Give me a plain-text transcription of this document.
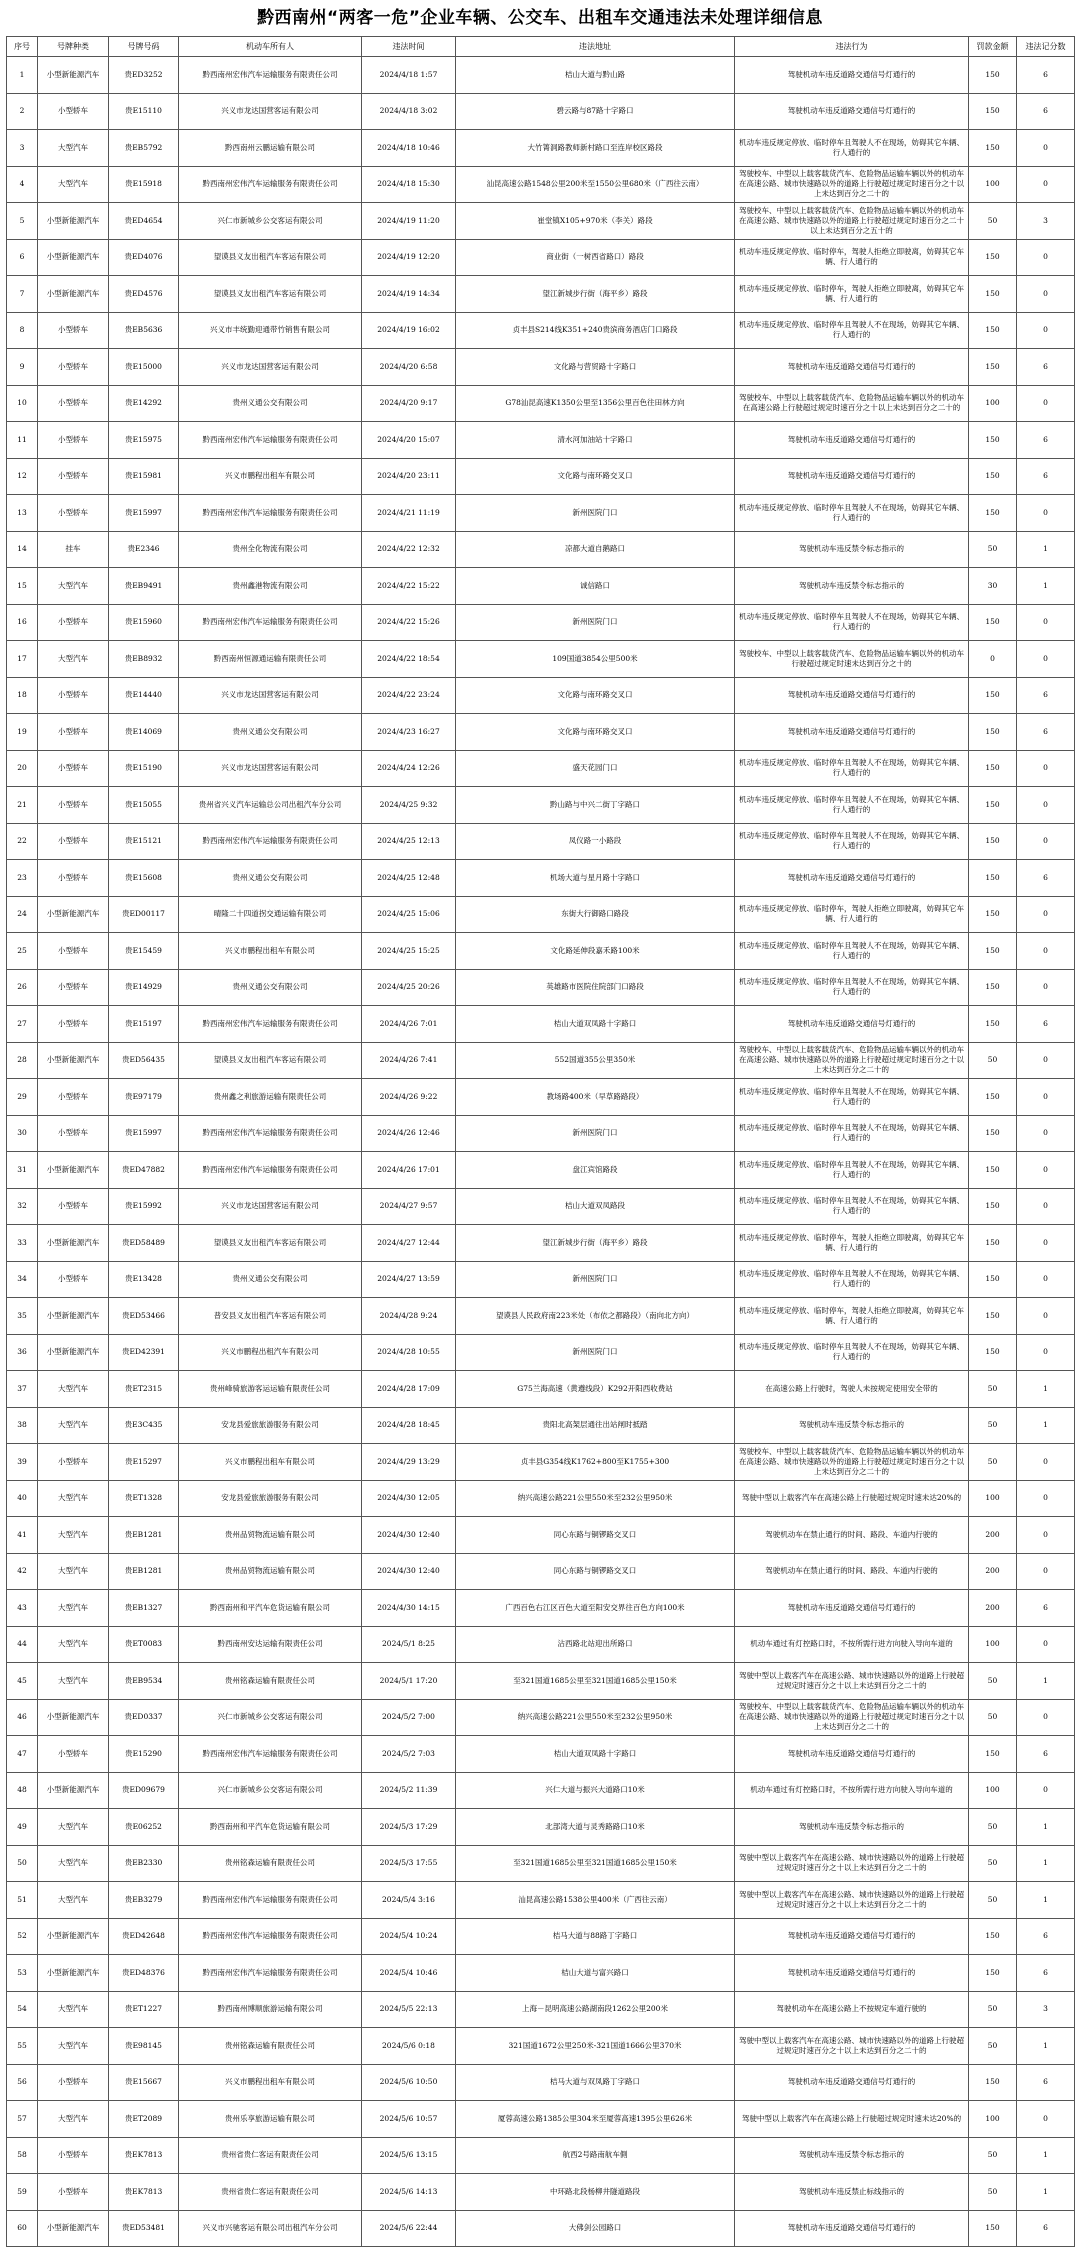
黔西南州“两客一危”企业车辆、公交车、出租车交通违法未处理详细信息
序号	号牌种类	号牌号码	机动车所有人	违法时间	违法地址	违法行为	罚款金额	违法记分数
1	小型新能源汽车	贵ED3252	黔西南州宏伟汽车运输服务有限责任公司	2024/4/18 1:57	桔山大道与黔山路	驾驶机动车违反道路交通信号灯通行的	150	6
2	小型轿车	贵E15110	兴义市龙达国营客运有限公司	2024/4/18 3:02	碧云路与87路十字路口	驾驶机动车违反道路交通信号灯通行的	150	6
3	大型汽车	贵EB5792	黔西南州云鹏运输有限公司	2024/4/18 10:46	大竹箐洞路教师新村路口至连岸校区路段	机动车违反规定停放、临时停车且驾驶人不在现场，妨碍其它车辆、行人通行的	150	0
4	大型汽车	贵E15918	黔西南州宏伟汽车运输服务有限责任公司	2024/4/18 15:30	汕昆高速公路1548公里200米至1550公里680米（广西往云南）	驾驶校车、中型以上载客载货汽车、危险物品运输车辆以外的机动车在高速公路、城市快速路以外的道路上行驶超过规定时速百分之十以上未达到百分之二十的	100	0
5	小型新能源汽车	贵ED4654	兴仁市新城乡公交客运有限公司	2024/4/19 11:20	崔堂镇X105+970米（李关）路段	驾驶校车、中型以上载客载货汽车、危险物品运输车辆以外的机动车在高速公路、城市快速路以外的道路上行驶超过规定时速百分之二十以上未达到百分之五十的	50	3
6	小型新能源汽车	贵ED4076	望谟县义友出租汽车客运有限公司	2024/4/19 12:20	商业街（一树西省路口）路段	机动车违反规定停放、临时停车，驾驶人拒绝立即驶离，妨碍其它车辆、行人通行的	150	0
7	小型新能源汽车	贵ED4576	望谟县义友出租汽车客运有限公司	2024/4/19 14:34	望江新城步行街（海平乡）路段	机动车违反规定停放、临时停车，驾驶人拒绝立即驶离，妨碍其它车辆、行人通行的	150	0
8	小型轿车	贵EB5636	兴义市丰统勤迎通带竹销售有限公司	2024/4/19 16:02	贞丰县S214线K351+240贵滨商务酒店门口路段	机动车违反规定停放、临时停车且驾驶人不在现场，妨碍其它车辆、行人通行的	150	0
9	小型轿车	贵E15000	兴义市龙达国营客运有限公司	2024/4/20 6:58	文化路与营贸路十字路口	驾驶机动车违反道路交通信号灯通行的	150	6
10	小型轿车	贵E14292	贵州义通公交有限公司	2024/4/20 9:17	G78汕昆高速K1350公里至1356公里百色往田林方向	驾驶校车、中型以上载客载货汽车、危险物品运输车辆以外的机动车在高速公路上行驶超过规定时速百分之十以上未达到百分之二十的	100	0
11	小型轿车	贵E15975	黔西南州宏伟汽车运输服务有限责任公司	2024/4/20 15:07	清水河加油站十字路口	驾驶机动车违反道路交通信号灯通行的	150	6
12	小型轿车	贵E15981	兴义市鹏程出租车有限公司	2024/4/20 23:11	文化路与南环路交叉口	驾驶机动车违反道路交通信号灯通行的	150	6
13	小型轿车	贵E15997	黔西南州宏伟汽车运输服务有限责任公司	2024/4/21 11:19	新州医院门口	机动车违反规定停放、临时停车且驾驶人不在现场，妨碍其它车辆、行人通行的	150	0
14	挂车	贵E2346	贵州全化物流有限公司	2024/4/22 12:32	凉都大道自鹅路口	驾驶机动车违反禁令标志指示的	50	1
15	大型汽车	贵EB9491	贵州鑫港物流有限公司	2024/4/22 15:22	诚信路口	驾驶机动车违反禁令标志指示的	30	1
16	小型轿车	贵E15960	黔西南州宏伟汽车运输服务有限责任公司	2024/4/22 15:26	新州医院门口	机动车违反规定停放、临时停车且驾驶人不在现场，妨碍其它车辆、行人通行的	150	0
17	大型汽车	贵EB8932	黔西南州恒源通运输有限责任公司	2024/4/22 18:54	109国道3854公里500米	驾驶校车、中型以上载客载货汽车、危险物品运输车辆以外的机动车行驶超过规定时速未达到百分之十的	0	0
18	小型轿车	贵E14440	兴义市龙达国营客运有限公司	2024/4/22 23:24	文化路与南环路交叉口	驾驶机动车违反道路交通信号灯通行的	150	6
19	小型轿车	贵E14069	贵州义通公交有限公司	2024/4/23 16:27	文化路与南环路交叉口	驾驶机动车违反道路交通信号灯通行的	150	6
20	小型轿车	贵E15190	兴义市龙达国营客运有限公司	2024/4/24 12:26	盛天花园门口	机动车违反规定停放、临时停车且驾驶人不在现场，妨碍其它车辆、行人通行的	150	0
21	小型轿车	贵E15055	贵州省兴义汽车运输总公司出租汽车分公司	2024/4/25 9:32	黔山路与中兴二街丁字路口	机动车违反规定停放、临时停车且驾驶人不在现场，妨碍其它车辆、行人通行的	150	0
22	小型轿车	贵E15121	黔西南州宏伟汽车运输服务有限责任公司	2024/4/25 12:13	凤仪路一小路段	机动车违反规定停放、临时停车且驾驶人不在现场，妨碍其它车辆、行人通行的	150	0
23	小型轿车	贵E15608	贵州义通公交有限公司	2024/4/25 12:48	机场大道与星月路十字路口	驾驶机动车违反道路交通信号灯通行的	150	6
24	小型新能源汽车	贵ED00117	晴隆二十四道拐交通运输有限公司	2024/4/25 15:06	东街大行御路口路段	机动车违反规定停放、临时停车，驾驶人拒绝立即驶离，妨碍其它车辆、行人通行的	150	0
25	小型轿车	贵E15459	兴义市鹏程出租车有限公司	2024/4/25 15:25	文化路延伸段嘉禾路100米	机动车违反规定停放、临时停车且驾驶人不在现场，妨碍其它车辆、行人通行的	150	0
26	小型轿车	贵E14929	贵州义通公交有限公司	2024/4/25 20:26	英雄路市医院住院部门口路段	机动车违反规定停放、临时停车且驾驶人不在现场，妨碍其它车辆、行人通行的	150	0
27	小型轿车	贵E15197	黔西南州宏伟汽车运输服务有限责任公司	2024/4/26 7:01	桔山大道双凤路十字路口	驾驶机动车违反道路交通信号灯通行的	150	6
28	小型新能源汽车	贵ED56435	望谟县义友出租汽车客运有限公司	2024/4/26 7:41	552国道355公里350米	驾驶校车、中型以上载客载货汽车、危险物品运输车辆以外的机动车在高速公路、城市快速路以外的道路上行驶超过规定时速百分之十以上未达到百分之二十的	50	0
29	小型轿车	贵E97179	贵州鑫之利旅游运输有限责任公司	2024/4/26 9:22	教场路400米（早草路路段）	机动车违反规定停放、临时停车且驾驶人不在现场，妨碍其它车辆、行人通行的	150	0
30	小型轿车	贵E15997	黔西南州宏伟汽车运输服务有限责任公司	2024/4/26 12:46	新州医院门口	机动车违反规定停放、临时停车且驾驶人不在现场，妨碍其它车辆、行人通行的	150	0
31	小型新能源汽车	贵ED47882	黔西南州宏伟汽车运输服务有限责任公司	2024/4/26 17:01	盘江宾馆路段	机动车违反规定停放、临时停车且驾驶人不在现场，妨碍其它车辆、行人通行的	150	0
32	小型轿车	贵E15992	兴义市龙达国营客运有限公司	2024/4/27 9:57	桔山大道双凤路段	机动车违反规定停放、临时停车且驾驶人不在现场，妨碍其它车辆、行人通行的	150	0
33	小型新能源汽车	贵ED58489	望谟县义友出租汽车客运有限公司	2024/4/27 12:44	望江新城步行街（海平乡）路段	机动车违反规定停放、临时停车，驾驶人拒绝立即驶离，妨碍其它车辆、行人通行的	150	0
34	小型轿车	贵E13428	贵州义通公交有限公司	2024/4/27 13:59	新州医院门口	机动车违反规定停放、临时停车且驾驶人不在现场，妨碍其它车辆、行人通行的	150	0
35	小型新能源汽车	贵ED53466	普安县义友出租汽车客运有限公司	2024/4/28 9:24	望谟县人民政府南223米处（布依之都路段）（南向北方向）	机动车违反规定停放、临时停车，驾驶人拒绝立即驶离，妨碍其它车辆、行人通行的	150	0
36	小型新能源汽车	贵ED42391	兴义市鹏程出租汽车有限公司	2024/4/28 10:55	新州医院门口	机动车违反规定停放、临时停车且驾驶人不在现场，妨碍其它车辆、行人通行的	150	0
37	大型汽车	贵ET2315	贵州峰骑旅游客运运输有限责任公司	2024/4/28 17:09	G75兰海高速（黄遵线段）K292开阳西收费站	在高速公路上行驶时，驾驶人未按规定使用安全带的	50	1
38	大型汽车	贵E3C435	安龙县爱旅旅游服务有限公司	2024/4/28 18:45	贵阳北高架层通往出站闸时抵踏	驾驶机动车违反禁令标志指示的	50	1
39	小型轿车	贵E15297	兴义市鹏程出租车有限公司	2024/4/29 13:29	贞丰县G354线K1762+800至K1755+300	驾驶校车、中型以上载客载货汽车、危险物品运输车辆以外的机动车在高速公路、城市快速路以外的道路上行驶超过规定时速百分之十以上未达到百分之二十的	50	0
40	大型汽车	贵ET1328	安龙县爱旅旅游服务有限公司	2024/4/30 12:05	纳兴高速公路221公里550米至232公里950米	驾驶中型以上载客汽车在高速公路上行驶超过规定时速未达20%的	100	0
41	大型汽车	贵EB1281	贵州品贸物流运输有限公司	2024/4/30 12:40	同心东路与铜锣路交叉口	驾驶机动车在禁止通行的时间、路段、车道内行驶的	200	0
42	大型汽车	贵EB1281	贵州品贸物流运输有限公司	2024/4/30 12:40	同心东路与铜锣路交叉口	驾驶机动车在禁止通行的时间、路段、车道内行驶的	200	0
43	大型汽车	贵EB1327	黔西南州和平汽车危货运输有限公司	2024/4/30 14:15	广西百色右江区百色大道至阳安交界往百色方向100米	驾驶机动车违反道路交通信号灯通行的	200	6
44	大型汽车	贵ET0083	黔西南州安达运输有限责任公司	2024/5/1 8:25	沾西路北站迎出所路口	机动车通过有灯控路口时，不按所需行进方向驶入导向车道的	100	0
45	大型汽车	贵EB9534	贵州铭森运输有限责任公司	2024/5/1 17:20	至321国道1685公里至321国道1685公里150米	驾驶中型以上载客汽车在高速公路、城市快速路以外的道路上行驶超过规定时速百分之十以上未达到百分之二十的	50	1
46	小型新能源汽车	贵ED0337	兴仁市新城乡公交客运有限公司	2024/5/2 7:00	纳兴高速公路221公里550米至232公里950米	驾驶校车、中型以上载客载货汽车、危险物品运输车辆以外的机动车在高速公路、城市快速路以外的道路上行驶超过规定时速百分之十以上未达到百分之二十的	50	0
47	小型轿车	贵E15290	黔西南州宏伟汽车运输服务有限责任公司	2024/5/2 7:03	桔山大道双凤路十字路口	驾驶机动车违反道路交通信号灯通行的	150	6
48	小型新能源汽车	贵ED09679	兴仁市新城乡公交客运有限公司	2024/5/2 11:39	兴仁大道与振兴大道路口10米	机动车通过有灯控路口时，不按所需行进方向驶入导向车道的	100	0
49	大型汽车	贵E06252	黔西南州和平汽车危货运输有限公司	2024/5/3 17:29	北部湾大道与灵秀路路口10米	驾驶机动车违反禁令标志指示的	50	1
50	大型汽车	贵EB2330	贵州铭森运输有限责任公司	2024/5/3 17:55	至321国道1685公里至321国道1685公里150米	驾驶中型以上载客汽车在高速公路、城市快速路以外的道路上行驶超过规定时速百分之十以上未达到百分之二十的	50	1
51	大型汽车	贵EB3279	黔西南州宏伟汽车运输服务有限责任公司	2024/5/4 3:16	汕昆高速公路1538公里400米（广西往云南）	驾驶中型以上载客汽车在高速公路、城市快速路以外的道路上行驶超过规定时速百分之十以上未达到百分之二十的	50	1
52	小型新能源汽车	贵ED42648	黔西南州宏伟汽车运输服务有限责任公司	2024/5/4 10:24	桔马大道与88路丁字路口	驾驶机动车违反道路交通信号灯通行的	150	6
53	小型新能源汽车	贵ED48376	黔西南州宏伟汽车运输服务有限责任公司	2024/5/4 10:46	桔山大道与富兴路口	驾驶机动车违反道路交通信号灯通行的	150	6
54	大型汽车	贵ET1227	黔西南州博顺旅游运输有限公司	2024/5/5 22:13	上海－昆明高速公路湖南段1262公里200米	驾驶机动车在高速公路上不按规定车道行驶的	50	3
55	大型汽车	贵E98145	贵州铭森运输有限责任公司	2024/5/6 0:18	321国道1672公里250米-321国道1666公里370米	驾驶中型以上载客汽车在高速公路、城市快速路以外的道路上行驶超过规定时速百分之十以上未达到百分之二十的	50	1
56	小型轿车	贵E15667	兴义市鹏程出租车有限公司	2024/5/6 10:50	桔马大道与双凤路丁字路口	驾驶机动车违反道路交通信号灯通行的	150	6
57	大型汽车	贵ET2089	贵州乐享旅游运输有限公司	2024/5/6 10:57	厦蓉高速公路1385公里304米至厦蓉高速1395公里626米	驾驶中型以上载客汽车在高速公路上行驶超过规定时速未达20%的	100	0
58	小型轿车	贵EK7813	贵州省贵仁客运有限责任公司	2024/5/6 13:15	航西2号路南航车側	驾驶机动车违反禁令标志指示的	50	1
59	小型轿车	贵EK7813	贵州省贵仁客运有限责任公司	2024/5/6 14:13	中环路北段杨柳井隧道路段	驾驶机动车违反禁止标线指示的	50	1
60	小型新能源汽车	贵ED53481	兴义市兴驰客运有限公司出租汽车分公司	2024/5/6 22:44	大佛剑公园路口	驾驶机动车违反道路交通信号灯通行的	150	6
